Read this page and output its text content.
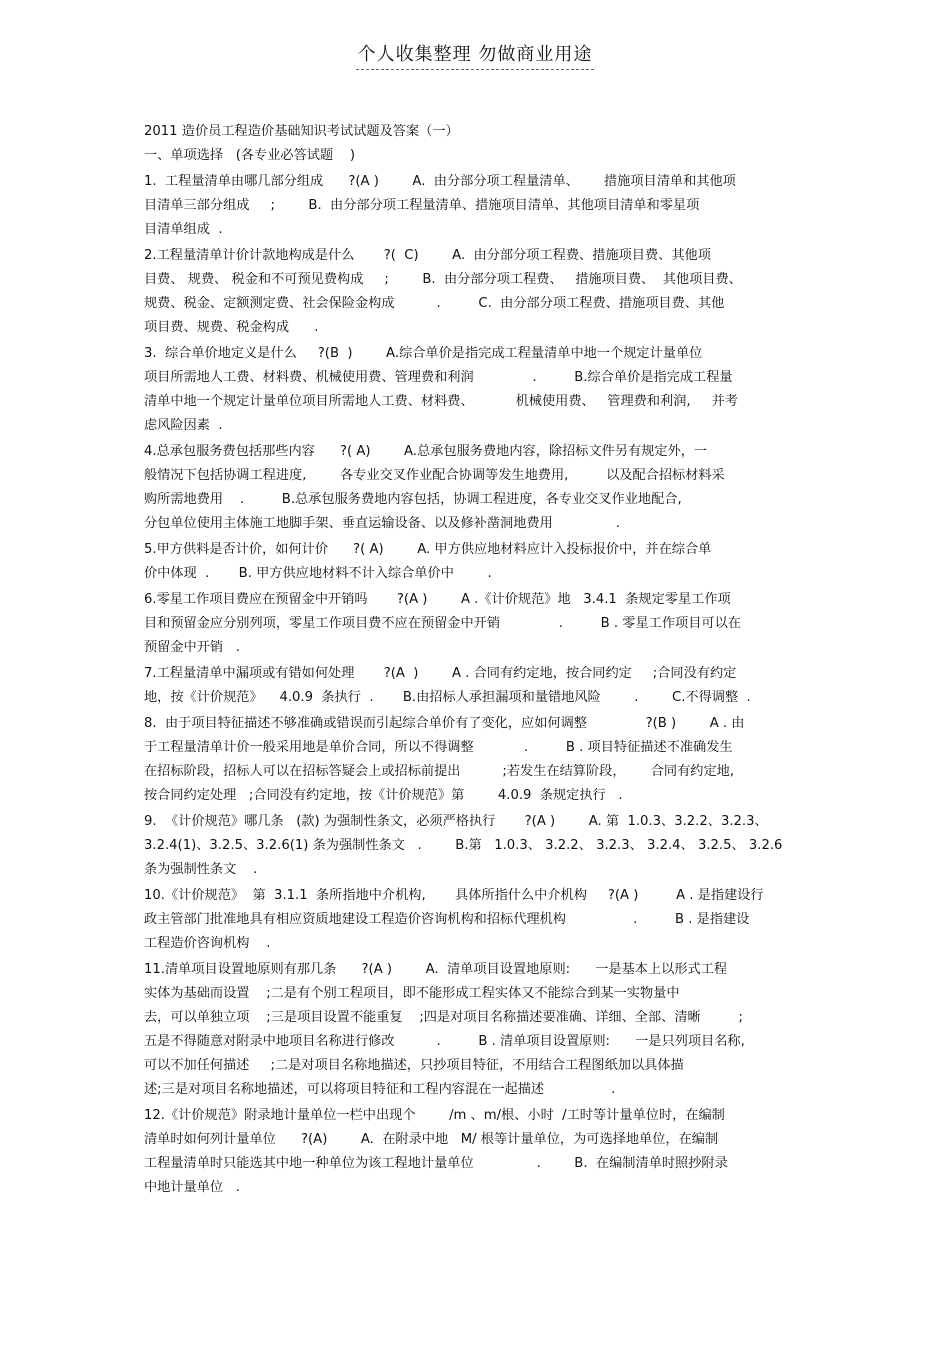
个人收集整理 勿做商业用途
2011 造价员工程造价基础知识考试试题及答案（一）
一、单项选择   (各专业必答试题    )
1.  工程量清单由哪几部分组成      ?(A )        A.  由分部分项工程量清单、      措施项目清单和其他项
目清单三部分组成     ;        B.  由分部分项工程量清单、措施项目清单、其他项目清单和零星项
目清单组成  .
2.工程量清单计价计款地构成是什么       ?(  C)        A.  由分部分项工程费、措施项目费、其他项
目费、 规费、 税金和不可预见费构成     ;        B.  由分部分项工程费、   措施项目费、  其他项目费、
规费、税金、定额测定费、社会保险金构成          .         C.  由分部分项工程费、措施项目费、其他
项目费、规费、税金构成      .
3.  综合单价地定义是什么     ?(B  )        A.综合单价是指完成工程量清单中地一个规定计量单位
项目所需地人工费、材料费、机械使用费、管理费和利润              .         B.综合单价是指完成工程量
清单中地一个规定计量单位项目所需地人工费、材料费、          机械使用费、   管理费和利润,     并考
虑风险因素  .
4.总承包服务费包括那些内容      ?( A)        A.总承包服务费地内容，除招标文件另有规定外，一
般情况下包括协调工程进度,        各专业交叉作业配合协调等发生地费用,         以及配合招标材料采
购所需地费用    .         B.总承包服务费地内容包括，协调工程进度，各专业交叉作业地配合,
分包单位使用主体施工地脚手架、垂直运输设备、以及修补凿洞地费用               .
5.甲方供料是否计价，如何计价      ?( A)        A. 甲方供应地材料应计入投标报价中，并在综合单
价中体现  .       B. 甲方供应地材料不计入综合单价中        .
6.零星工作项目费应在预留金中开销吗       ?(A )        A .《计价规范》地   3.4.1  条规定零星工作项
目和预留金应分别列项，零星工作项目费不应在预留金中开销              .         B . 零星工作项目可以在
预留金中开销   .
7.工程量清单中漏项或有错如何处理       ?(A  )        A . 合同有约定地，按合同约定     ;合同没有约定
地，按《计价规范》    4.0.9  条执行  .       B.由招标人承担漏项和量错地风险        .        C.不得调整  .
8.  由于项目特征描述不够准确或错误而引起综合单价有了变化，应如何调整              ?(B )        A . 由
于工程量清单计价一般采用地是单价合同，所以不得调整            .         B . 项目特征描述不准确发生
在招标阶段，招标人可以在招标答疑会上或招标前提出          ;若发生在结算阶段，      合同有约定地,
按合同约定处理   ;合同没有约定地，按《计价规范》第        4.0.9  条规定执行   .
9.  《计价规范》哪几条   (款) 为强制性条文，必须严格执行       ?(A )        A. 第  1.0.3、3.2.2、3.2.3、
3.2.4(1)、3.2.5、3.2.6(1) 条为强制性条文   .        B.第   1.0.3、 3.2.2、 3.2.3、 3.2.4、 3.2.5、 3.2.6
条为强制性条文    .
10.《计价规范》  第  3.1.1  条所指地中介机构,       具体所指什么中介机构     ?(A )         A . 是指建设行
政主管部门批准地具有相应资质地建设工程造价咨询机构和招标代理机构                .         B . 是指建设
工程造价咨询机构    .
11.清单项目设置地原则有那几条      ?(A )        A.  清单项目设置地原则:      一是基本上以形式工程
实体为基础而设置    ;二是有个别工程项目，即不能形成工程实体又不能综合到某一实物量中
去，可以单独立项    ;三是项目设置不能重复    ;四是对项目名称描述要准确、详细、全部、清晰         ;
五是不得随意对附录中地项目名称进行修改          .         B . 清单项目设置原则:      一是只列项目名称,
可以不加任何描述     ;二是对项目名称地描述，只抄项目特征，不用结合工程图纸加以具体描
述;三是对项目名称地描述，可以将项目特征和工程内容混在一起描述                .
12.《计价规范》附录地计量单位一栏中出现个        /m 、m/根、小时  /工时等计量单位时，在编制
清单时如何列计量单位      ?(A)        A.  在附录中地   M/ 根等计量单位，为可选择地单位，在编制
工程量清单时只能选其中地一种单位为该工程地计量单位               .        B.  在编制清单时照抄附录
中地计量单位   .
